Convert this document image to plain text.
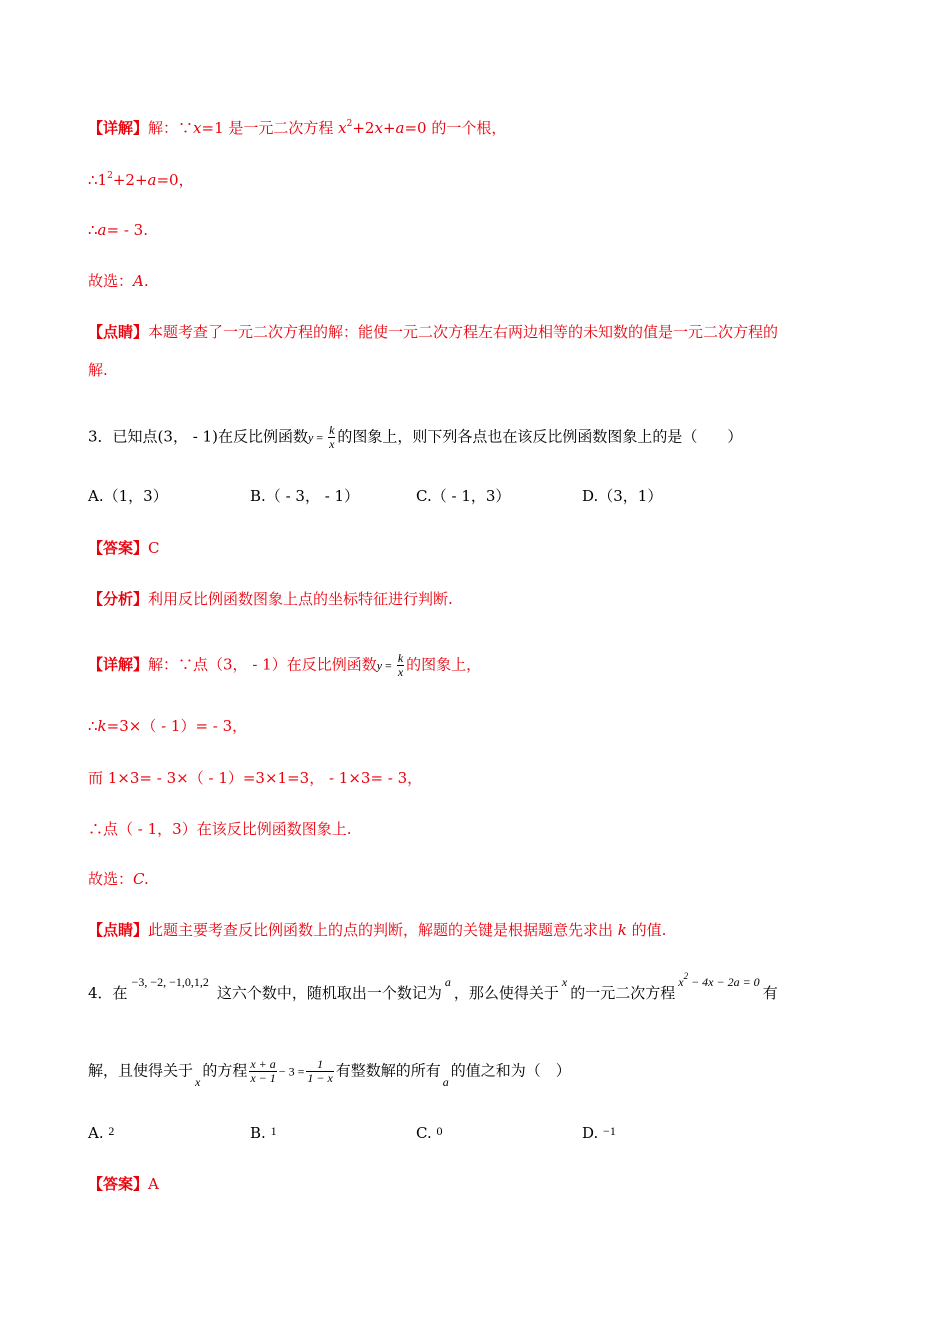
【详解】解：∵x=1 是一元二次方程 $x^2+2x+a=0$ 的一个根，
$\therefore 1^2+2+a=0$，
∴a= - 3.
故选：A.
【点睛】本题考查了一元二次方程的解：能使一元二次方程左右两边相等的未知数的值是一元二次方程的
解.
3．已知点(3， - 1)在反比例函数$y = \frac{k}{x}$ 的图象上，则下列各点也在该反比例函数图象上的是（　　）
A.（1，3）	B.（ - 3， - 1）	C.（ - 1，3）	D.（3，1）
【答案】C
【分析】利用反比例函数图象上点的坐标特征进行判断.
【详解】解：∵点（3， - 1）在反比例函数$y = \frac{k}{x}$ 的图象上，
∴k=3×（ - 1）= - 3，
而 1×3= - 3×（ - 1）=3×1=3， - 1×3= - 3，
∴点（ - 1，3）在该反比例函数图象上.
故选：C.
【点睛】此题主要考查反比例函数上的点的判断，解题的关键是根据题意先求出 k 的值.
4．在$^{-3, -2, -1,0,1,2}$这六个数中，随机取出一个数记为$^a$，那么使得关于$^x$的一元二次方程$^{x^2 - 4x - 2a = 0}$有
解，且使得关于$_x$的方程 $\frac{x + a}{x - 1} - 3 = \frac{1}{1 - x}$ 有整数解的所有$_a$的值之和为（　）
A. $^2$	B. $^1$	C. $^0$	D. $^{-1}$
【答案】A
